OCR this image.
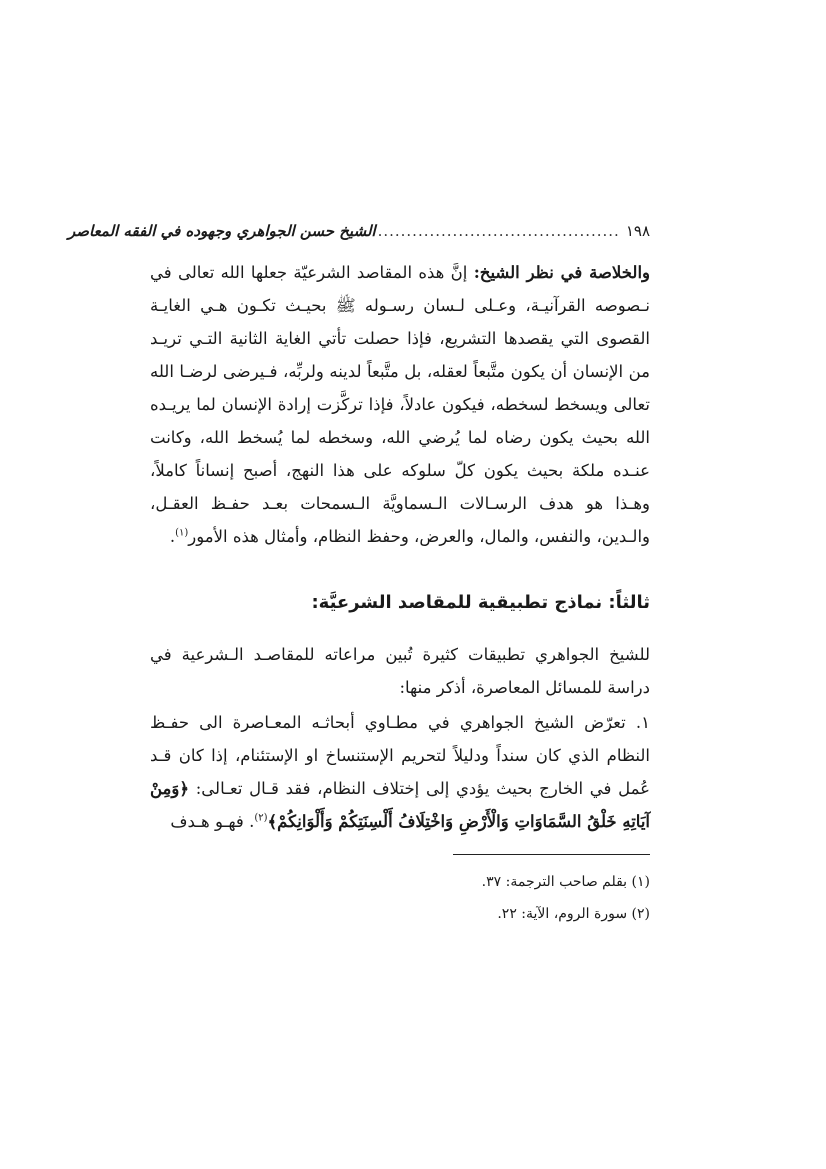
١٩٨
..........................................
الشيخ حسن الجواهري وجهوده في الفقه المعاصر

والخلاصة في نظر الشيخ: إنَّ هذه المقاصد الشرعيّة جعلها الله تعالى في نـصوصه القرآنيـة، وعـلى لـسان رسـوله ﷺ بحيـث تكـون هـي الغايـة القصوى التي يقصدها التشريع، فإذا حصلت تأتي الغاية الثانية التـي تريـد من الإنسان أن يكون متَّبعاً لعقله، بل متَّبعاً لدينه ولربِّه، فـيرضى لرضـا الله تعالى ويسخط لسخطه، فيكون عادلاً، فإذا تركَّزت إرادة الإنسان لما يريـده الله بحيث يكون رضاه لما يُرضي الله، وسخطه لما يُسخط الله، وكانت عنـده ملكة بحيث يكون كلّ سلوكه على هذا النهج، أصبح إنساناً كاملاً، وهـذا هو هدف الرسـالات الـسماويَّة الـسمحات بعـد حفـظ العقـل، والـدين، والنفس، والمال، والعرض، وحفظ النظام، وأمثال هذه الأمور$^{(١)}$.

ثالثاً: نماذج تطبيقية للمقاصد الشرعيَّة:

للشيخ الجواهري تطبيقات كثيرة تُبين مراعاته للمقاصـد الـشرعية في دراسة للمسائل المعاصرة، أذكر منها:

١. تعرّض الشيخ الجواهري في مطـاوي أبحاثـه المعـاصرة الى حفـظ النظام الذي كان سنداً ودليلاً لتحريم الإستنساخ او الإستئنام، إذا كان قـد عُمل في الخارج بحيث يؤدي إلى إختلاف النظام، فقد قـال تعـالى: ﴿وَمِنْ آيَاتِهِ خَلْقُ السَّمَاوَاتِ وَالْأَرْضِ وَاخْتِلَافُ أَلْسِنَتِكُمْ وَأَلْوَانِكُمْ﴾$^{(٢)}$. فهـو هـدف

(١) بقلم صاحب الترجمة: ٣٧.

(٢) سورة الروم، الآية: ٢٢.
